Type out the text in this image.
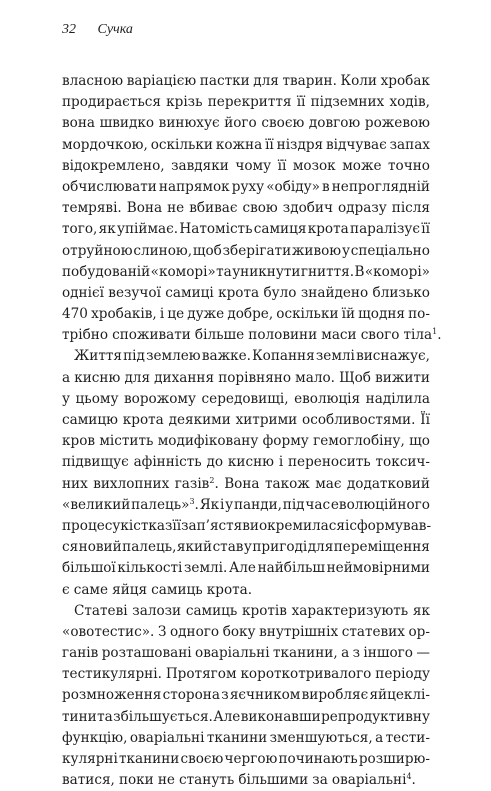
32 Сучка
власною варіацією пастки для тварин. Коли хробак
продирається крізь перекриття її підземних ходів,
вона швидко винюхує його своєю довгою рожевою
мордочкою, оскільки кожна її ніздря відчуває запах
відокремлено, завдяки чому її мозок може точно
обчислювати напрямок руху «обіду» в непроглядній
темряві. Вона не вбиває свою здобич одразу після
того, як упіймає. Натомість самиця крота паралізує її
отруйною слиною, щоб зберігати живою у спеціально
побудованій «коморі» та уникнути гниття. В «коморі»
однієї везучої самиці крота було знайдено близько
470 хробаків, і це дуже добре, оскільки їй щодня по-
трібно споживати більше половини маси свого тіла$^1$.
Життя під землею важке. Копання землі виснажує,
а кисню для дихання порівняно мало. Щоб вижити
у цьому ворожому середовищі, еволюція наділила
самицю крота деякими хитрими особливостями. Її
кров містить модифіковану форму гемоглобіну, що
підвищує афінність до кисню і переносить токсич-
них вихлопних газів$^2$. Вона також має додатковий
«великий палець»$^3$. Як і у панди, під час еволюційного
процесу кістка з її зап’ястя виокремилася і сформував-
ся новий палець, який став у пригоді для переміщення
більшої кількості землі. Але найбільш неймовірними
є саме яйця самиць крота.
Статеві залози самиць кротів характеризують як
«овотестис». З одного боку внутрішніх статевих ор-
ганів розташовані оваріальні тканини, а з іншого —
тестикулярні. Протягом короткотривалого періоду
розмноження сторона з яєчником виробляє яйцеклі-
тини та збільшується. Але виконавши репродуктивну
функцію, оваріальні тканини зменшуються, а тести-
кулярні тканини своєю чергою починають розширю-
ватися, поки не стануть більшими за оваріальні$^4$.
